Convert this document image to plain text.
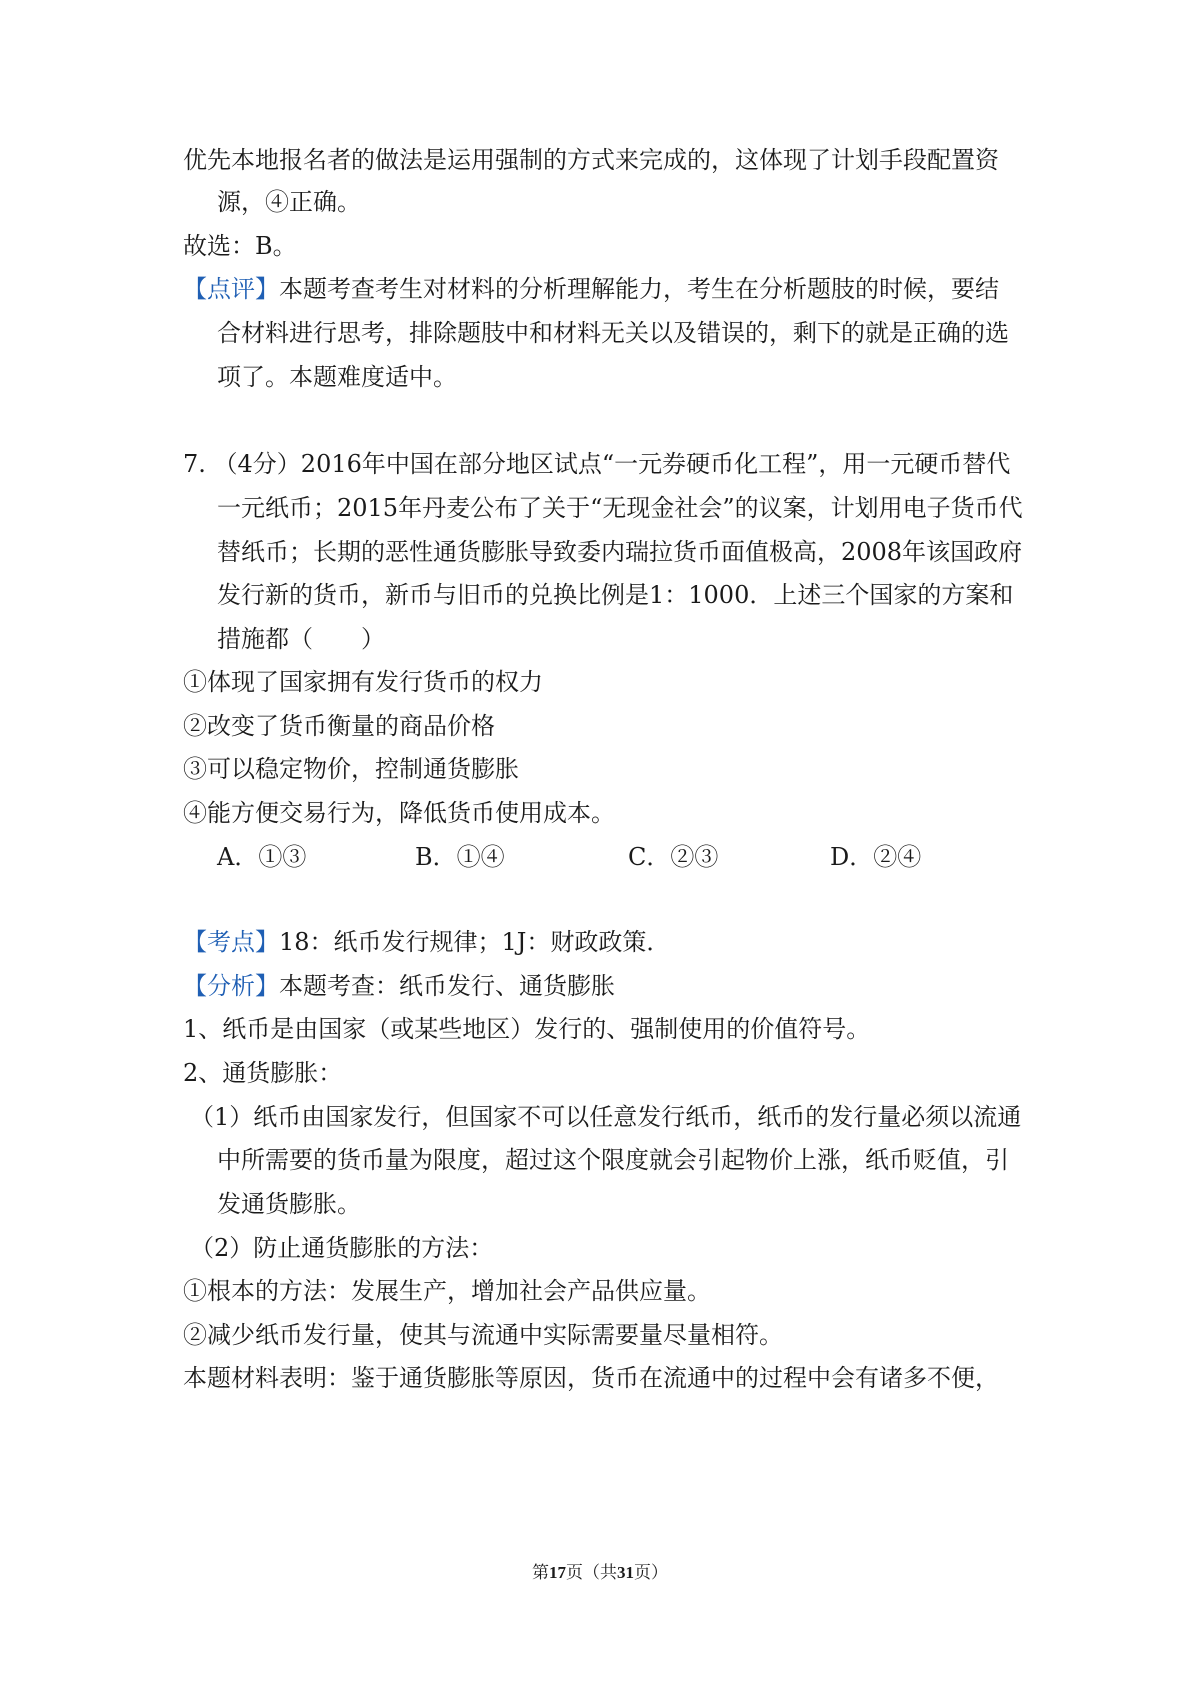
优先本地报名者的做法是运用强制的方式来完成的，这体现了计划手段配置资
源，④正确。
故选：B。
【点评】本题考查考生对材料的分析理解能力，考生在分析题肢的时候，要结
合材料进行思考，排除题肢中和材料无关以及错误的，剩下的就是正确的选
项了。本题难度适中。
7. （4分）2016年中国在部分地区试点“一元券硬币化工程”，用一元硬币替代
一元纸币；2015年丹麦公布了关于“无现金社会”的议案，计划用电子货币代
替纸币；长期的恶性通货膨胀导致委内瑞拉货币面值极高，2008年该国政府
发行新的货币，新币与旧币的兑换比例是1：1000．上述三个国家的方案和
措施都（　　）
①体现了国家拥有发行货币的权力
②改变了货币衡量的商品价格
③可以稳定物价，控制通货膨胀
④能方便交易行为，降低货币使用成本。
A．①③	B．①④	C．②③	D．②④
【考点】18：纸币发行规律；1J：财政政策．
【分析】本题考查：纸币发行、通货膨胀
1、纸币是由国家（或某些地区）发行的、强制使用的价值符号。
2、通货膨胀：
（1）纸币由国家发行，但国家不可以任意发行纸币，纸币的发行量必须以流通
中所需要的货币量为限度，超过这个限度就会引起物价上涨，纸币贬值，引
发通货膨胀。
（2）防止通货膨胀的方法：
①根本的方法：发展生产，增加社会产品供应量。
②减少纸币发行量，使其与流通中实际需要量尽量相符。
本题材料表明：鉴于通货膨胀等原因，货币在流通中的过程中会有诸多不便，
第17页（共31页）
